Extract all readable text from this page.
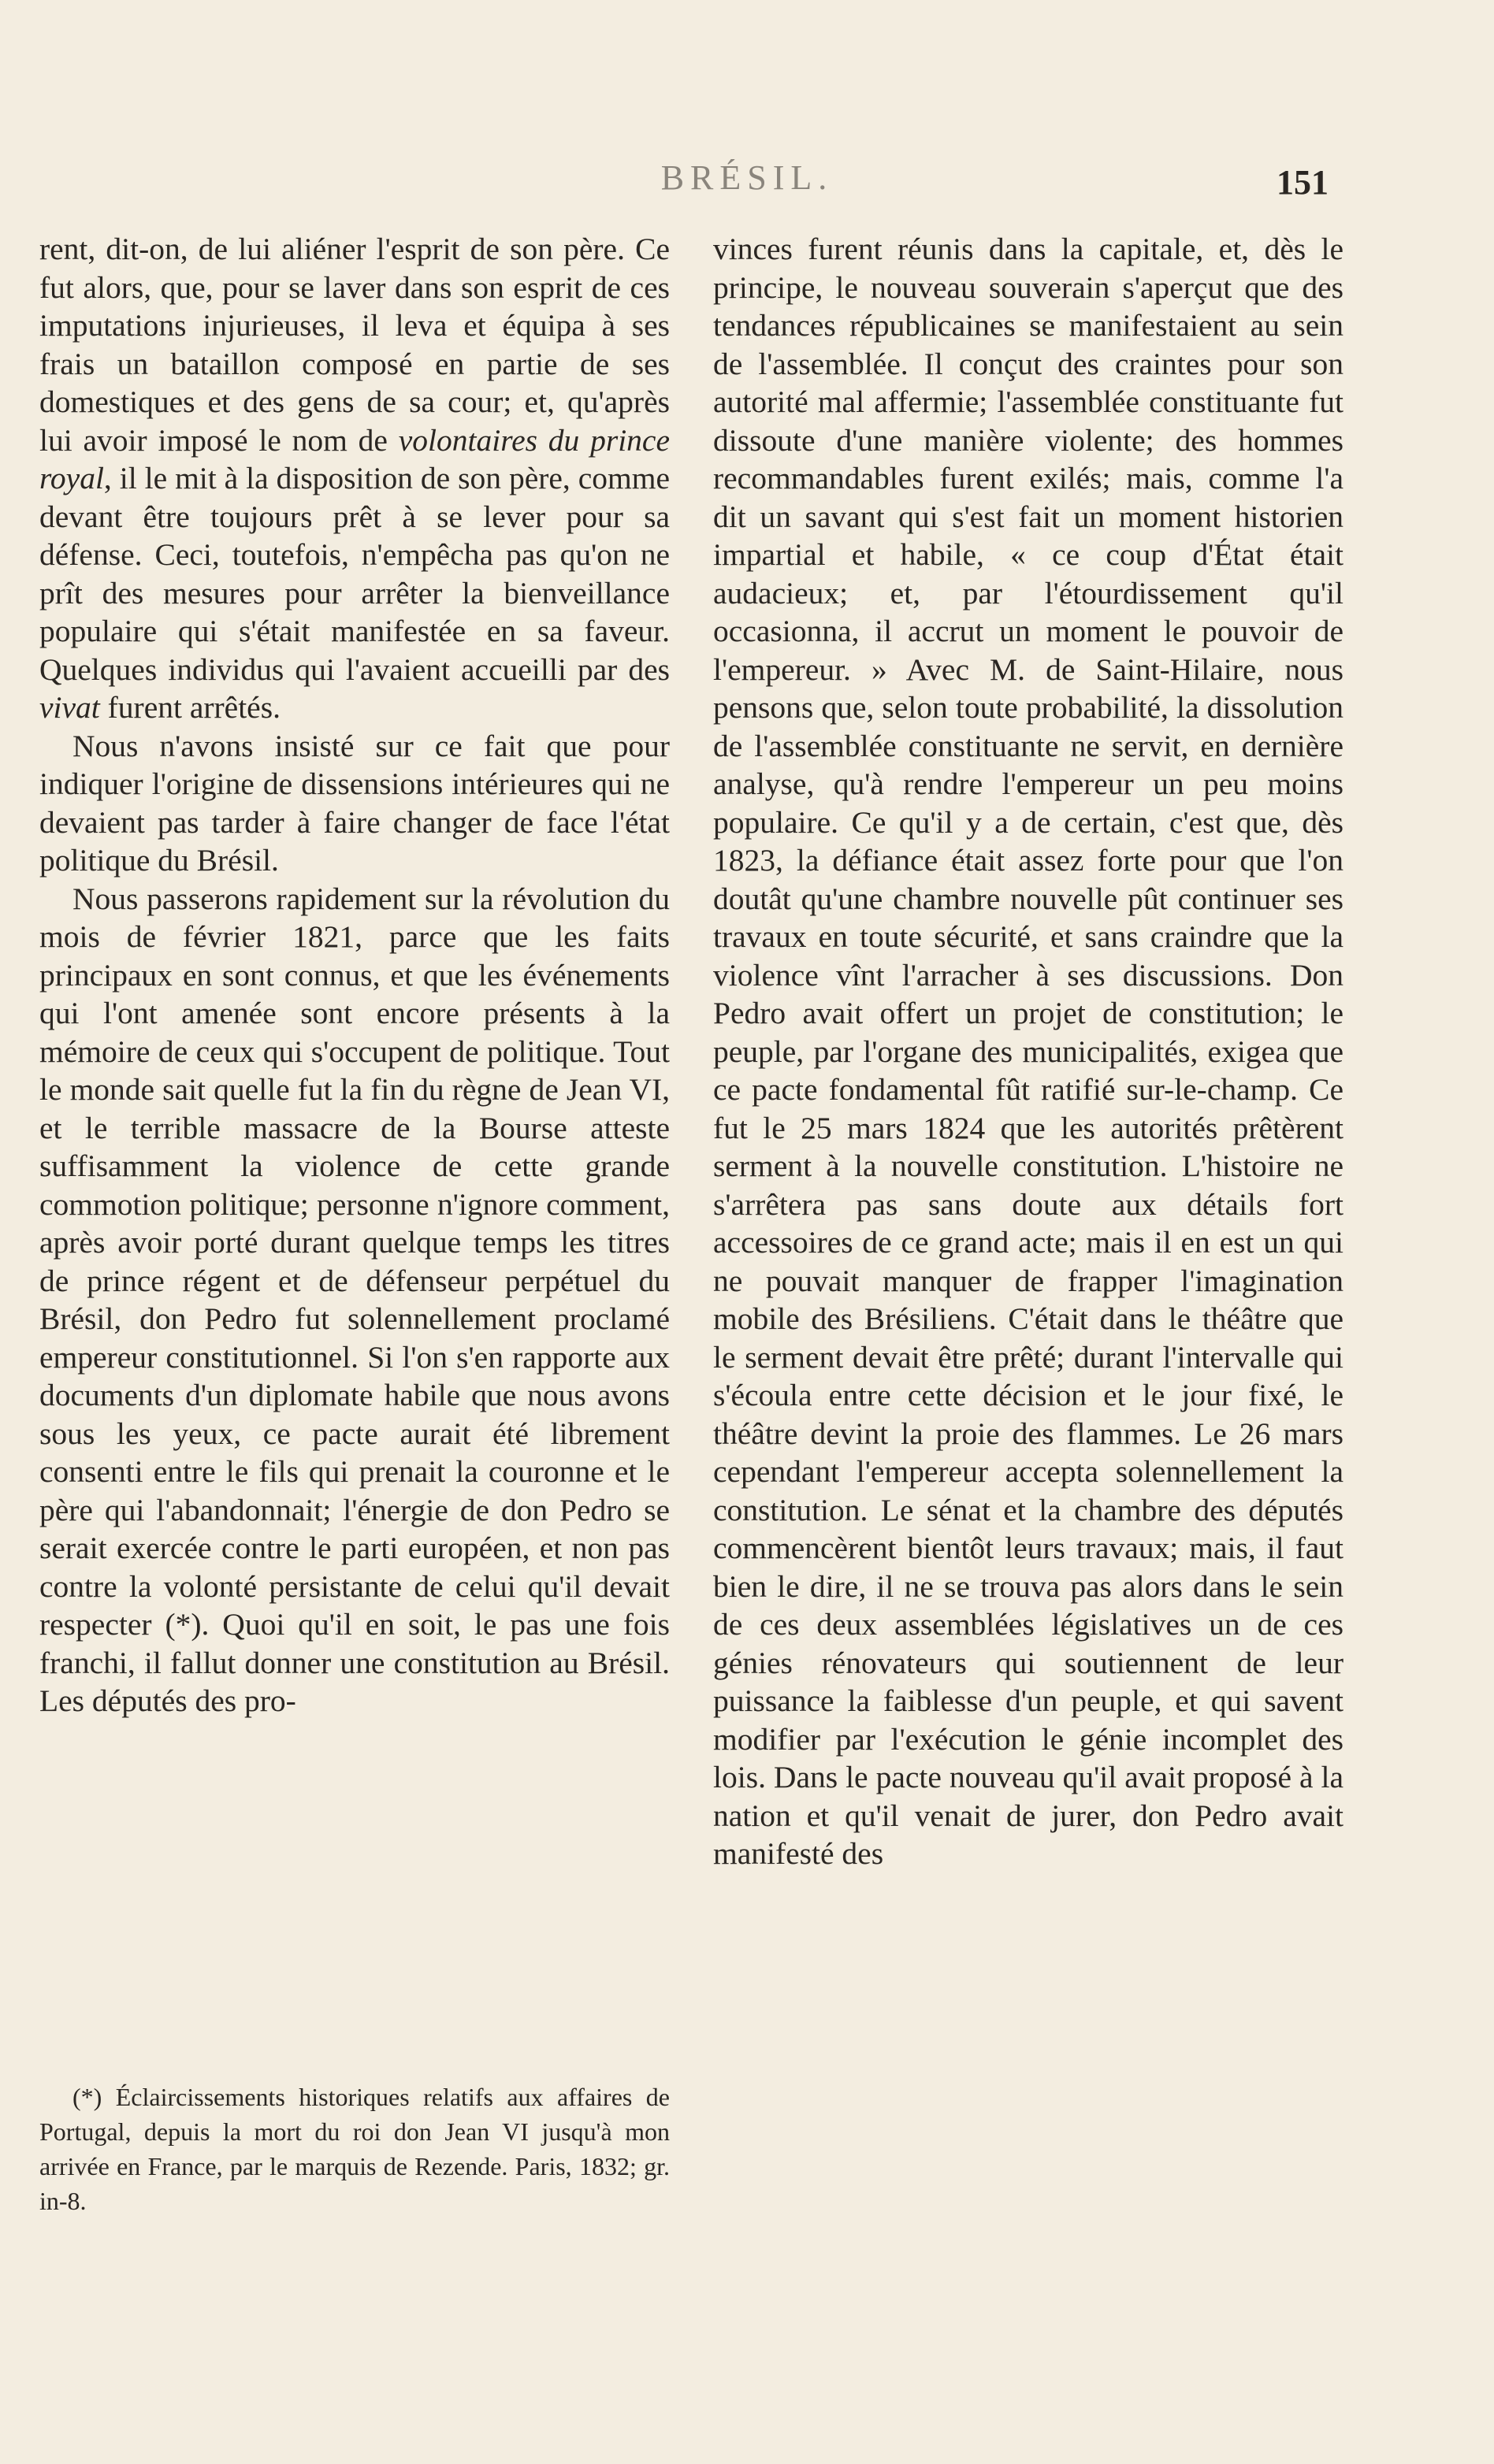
BRÉSIL.	151

rent, dit-on, de lui aliéner l'esprit de son père. Ce fut alors, que, pour se laver dans son esprit de ces imputations injurieuses, il leva et équipa à ses frais un bataillon composé en partie de ses domestiques et des gens de sa cour; et, qu'après lui avoir imposé le nom de volontaires du prince royal, il le mit à la disposition de son père, comme devant être toujours prêt à se lever pour sa défense. Ceci, toutefois, n'empêcha pas qu'on ne prît des mesures pour arrêter la bienveillance populaire qui s'était manifestée en sa faveur. Quelques individus qui l'avaient accueilli par des vivat furent arrêtés.

Nous n'avons insisté sur ce fait que pour indiquer l'origine de dissensions intérieures qui ne devaient pas tarder à faire changer de face l'état politique du Brésil.

Nous passerons rapidement sur la révolution du mois de février 1821, parce que les faits principaux en sont connus, et que les événements qui l'ont amenée sont encore présents à la mémoire de ceux qui s'occupent de politique. Tout le monde sait quelle fut la fin du règne de Jean VI, et le terrible massacre de la Bourse atteste suffisamment la violence de cette grande commotion politique; personne n'ignore comment, après avoir porté durant quelque temps les titres de prince régent et de défenseur perpétuel du Brésil, don Pedro fut solennellement proclamé empereur constitutionnel. Si l'on s'en rapporte aux documents d'un diplomate habile que nous avons sous les yeux, ce pacte aurait été librement consenti entre le fils qui prenait la couronne et le père qui l'abandonnait; l'énergie de don Pedro se serait exercée contre le parti européen, et non pas contre la volonté persistante de celui qu'il devait respecter (*). Quoi qu'il en soit, le pas une fois franchi, il fallut donner une constitution au Brésil. Les députés des pro-

(*) Éclaircissements historiques relatifs aux affaires de Portugal, depuis la mort du roi don Jean VI jusqu'à mon arrivée en France, par le marquis de Rezende. Paris, 1832; gr. in-8.

vinces furent réunis dans la capitale, et, dès le principe, le nouveau souverain s'aperçut que des tendances républicaines se manifestaient au sein de l'assemblée. Il conçut des craintes pour son autorité mal affermie; l'assemblée constituante fut dissoute d'une manière violente; des hommes recommandables furent exilés; mais, comme l'a dit un savant qui s'est fait un moment historien impartial et habile, « ce coup d'État était audacieux; et, par l'étourdissement qu'il occasionna, il accrut un moment le pouvoir de l'empereur. » Avec M. de Saint-Hilaire, nous pensons que, selon toute probabilité, la dissolution de l'assemblée constituante ne servit, en dernière analyse, qu'à rendre l'empereur un peu moins populaire. Ce qu'il y a de certain, c'est que, dès 1823, la défiance était assez forte pour que l'on doutât qu'une chambre nouvelle pût continuer ses travaux en toute sécurité, et sans craindre que la violence vînt l'arracher à ses discussions. Don Pedro avait offert un projet de constitution; le peuple, par l'organe des municipalités, exigea que ce pacte fondamental fût ratifié sur-le-champ. Ce fut le 25 mars 1824 que les autorités prêtèrent serment à la nouvelle constitution. L'histoire ne s'arrêtera pas sans doute aux détails fort accessoires de ce grand acte; mais il en est un qui ne pouvait manquer de frapper l'imagination mobile des Brésiliens. C'était dans le théâtre que le serment devait être prêté; durant l'intervalle qui s'écoula entre cette décision et le jour fixé, le théâtre devint la proie des flammes. Le 26 mars cependant l'empereur accepta solennellement la constitution. Le sénat et la chambre des députés commencèrent bientôt leurs travaux; mais, il faut bien le dire, il ne se trouva pas alors dans le sein de ces deux assemblées législatives un de ces génies rénovateurs qui soutiennent de leur puissance la faiblesse d'un peuple, et qui savent modifier par l'exécution le génie incomplet des lois. Dans le pacte nouveau qu'il avait proposé à la nation et qu'il venait de jurer, don Pedro avait manifesté des
